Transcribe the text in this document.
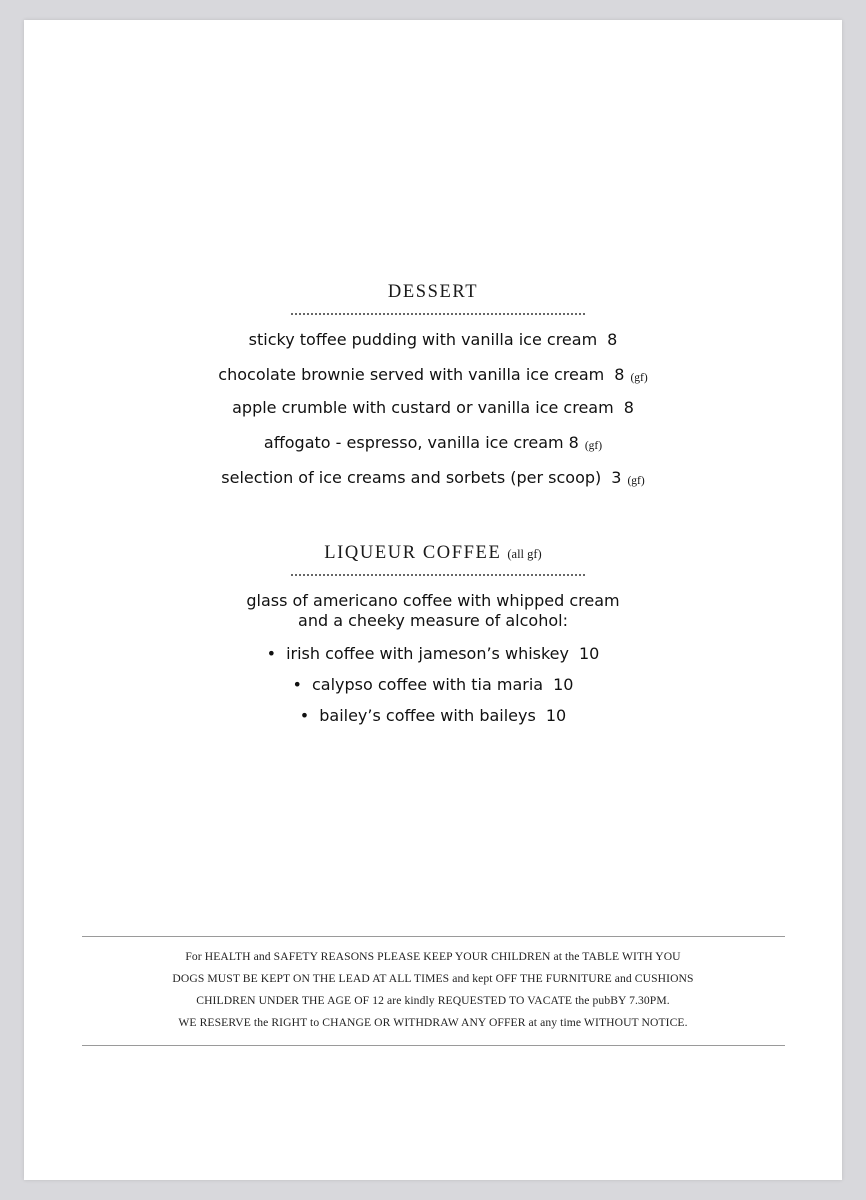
DESSERT
sticky toffee pudding with vanilla ice cream 8
chocolate brownie served with vanilla ice cream 8 (gf)
apple crumble with custard or vanilla ice cream 8
affogato - espresso, vanilla ice cream 8 (gf)
selection of ice creams and sorbets (per scoop) 3 (gf)
LIQUEUR COFFEE (all gf)
glass of americano coffee with whipped cream
and a cheeky measure of alcohol:
• irish coffee with jameson’s whiskey 10
• calypso coffee with tia maria 10
• bailey’s coffee with baileys 10
For HEALTH and SAFETY REASONS PLEASE KEEP YOUR CHILDREN at the TABLE WITH YOU
DOGS MUST BE KEPT ON THE LEAD AT ALL TIMES and kept OFF THE FURNITURE and CUSHIONS
CHILDREN UNDER THE AGE OF 12 are kindly REQUESTED TO VACATE the pubBY 7.30PM.
WE RESERVE the RIGHT to CHANGE OR WITHDRAW ANY OFFER at any time WITHOUT NOTICE.
